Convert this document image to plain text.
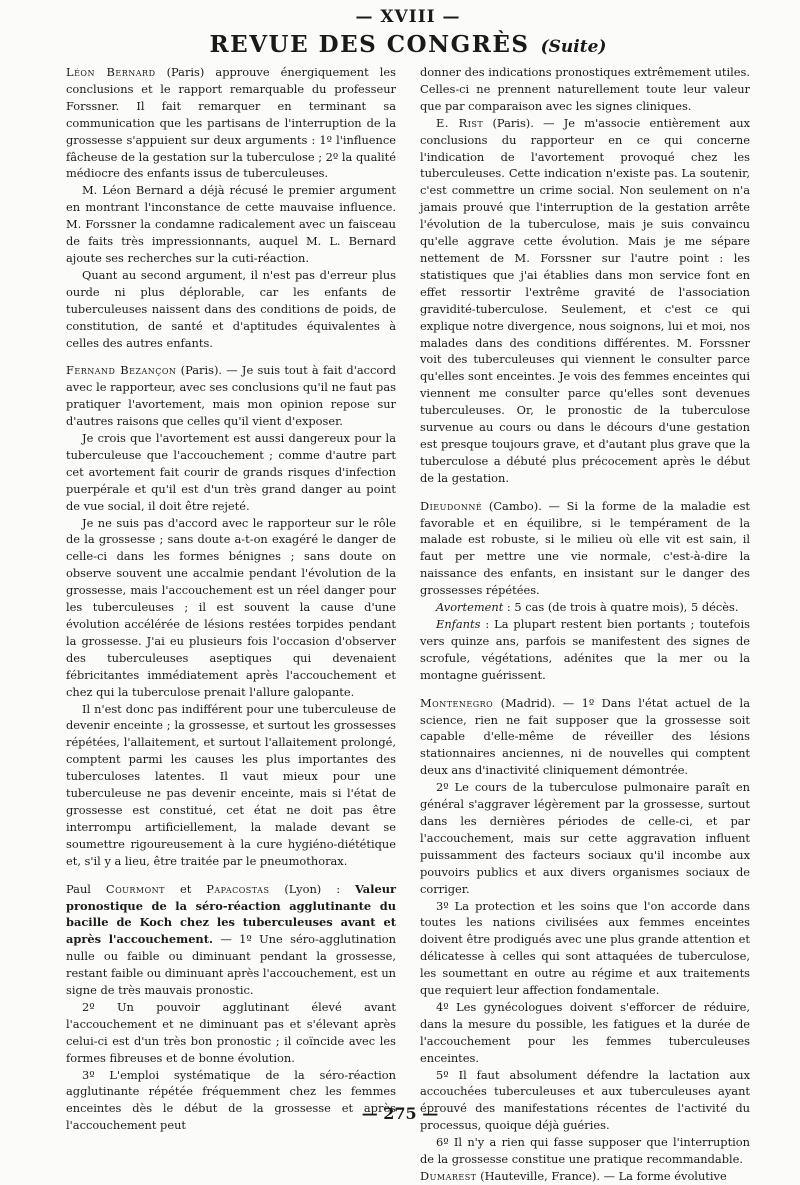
— XVIII —
REVUE DES CONGRÈS (Suite)

Léon Bernard (Paris) approuve énergiquement les conclusions et le rapport remarquable du professeur Forssner. Il fait remarquer en terminant sa communication que les partisans de l'interruption de la grossesse s'appuient sur deux arguments : 1º l'influence fâcheuse de la gestation sur la tuberculose ; 2º la qualité médiocre des enfants issus de tuberculeuses.

M. Léon Bernard a déjà récusé le premier argument en montrant l'inconstance de cette mauvaise influence. M. Forssner la condamne radicalement avec un faisceau de faits très impressionnants, auquel M. L. Bernard ajoute ses recherches sur la cuti-réaction.

Quant au second argument, il n'est pas d'erreur plus ourde ni plus déplorable, car les enfants de tuberculeuses naissent dans des conditions de poids, de constitution, de santé et d'aptitudes équivalentes à celles des autres enfants.

Fernand Bezançon (Paris). — Je suis tout à fait d'accord avec le rapporteur, avec ses conclusions qu'il ne faut pas pratiquer l'avortement, mais mon opinion repose sur d'autres raisons que celles qu'il vient d'exposer.

Je crois que l'avortement est aussi dangereux pour la tuberculeuse que l'accouchement ; comme d'autre part cet avortement fait courir de grands risques d'infection puerpérale et qu'il est d'un très grand danger au point de vue social, il doit être rejeté.

Je ne suis pas d'accord avec le rapporteur sur le rôle de la grossesse ; sans doute a-t-on exagéré le danger de celle-ci dans les formes bénignes ; sans doute on observe souvent une accalmie pendant l'évolution de la grossesse, mais l'accouchement est un réel danger pour les tuberculeuses ; il est souvent la cause d'une évolution accélérée de lésions restées torpides pendant la grossesse. J'ai eu plusieurs fois l'occasion d'observer des tuberculeuses aseptiques qui devenaient fébricitantes immédiatement après l'accouchement et chez qui la tuberculose prenait l'allure galopante.

Il n'est donc pas indifférent pour une tuberculeuse de devenir enceinte ; la grossesse, et surtout les grossesses répétées, l'allaitement, et surtout l'allaitement prolongé, comptent parmi les causes les plus importantes des tuberculoses latentes. Il vaut mieux pour une tuberculeuse ne pas devenir enceinte, mais si l'état de grossesse est constitué, cet état ne doit pas être interrompu artificiellement, la malade devant se soumettre rigoureusement à la cure hygiéno-diététique et, s'il y a lieu, être traitée par le pneumothorax.

Paul Courmont et Papacostas (Lyon) : Valeur pronostique de la séro-réaction agglutinante du bacille de Koch chez les tuberculeuses avant et après l'accouchement. — 1º Une séro-agglutination nulle ou faible ou diminuant pendant la grossesse, restant faible ou diminuant après l'accouchement, est un signe de très mauvais pronostic.

2º Un pouvoir agglutinant élevé avant l'accouchement et ne diminuant pas et s'élevant après celui-ci est d'un très bon pronostic ; il coïncide avec les formes fibreuses et de bonne évolution.

3º L'emploi systématique de la séro-réaction agglutinante répétée fréquemment chez les femmes enceintes dès le début de la grossesse et après l'accouchement peut

donner des indications pronostiques extrêmement utiles. Celles-ci ne prennent naturellement toute leur valeur que par comparaison avec les signes cliniques.

E. Rist (Paris). — Je m'associe entièrement aux conclusions du rapporteur en ce qui concerne l'indication de l'avortement provoqué chez les tuberculeuses. Cette indication n'existe pas. La soutenir, c'est commettre un crime social. Non seulement on n'a jamais prouvé que l'interruption de la gestation arrête l'évolution de la tuberculose, mais je suis convaincu qu'elle aggrave cette évolution. Mais je me sépare nettement de M. Forssner sur l'autre point : les statistiques que j'ai établies dans mon service font en effet ressortir l'extrême gravité de l'association gravidité-tuberculose. Seulement, et c'est ce qui explique notre divergence, nous soignons, lui et moi, nos malades dans des conditions différentes. M. Forssner voit des tuberculeuses qui viennent le consulter parce qu'elles sont enceintes. Je vois des femmes enceintes qui viennent me consulter parce qu'elles sont devenues tuberculeuses. Or, le pronostic de la tuberculose survenue au cours ou dans le décours d'une gestation est presque toujours grave, et d'autant plus grave que la tuberculose a débuté plus précocement après le début de la gestation.

Dieudonné (Cambo). — Si la forme de la maladie est favorable et en équilibre, si le tempérament de la malade est robuste, si le milieu où elle vit est sain, il faut per mettre une vie normale, c'est-à-dire la naissance des enfants, en insistant sur le danger des grossesses répétées.

Avortement : 5 cas (de trois à quatre mois), 5 décès.

Enfants : La plupart restent bien portants ; toutefois vers quinze ans, parfois se manifestent des signes de scrofule, végétations, adénites que la mer ou la montagne guérissent.

Montenegro (Madrid). — 1º Dans l'état actuel de la science, rien ne fait supposer que la grossesse soit capable d'elle-même de réveiller des lésions stationnaires anciennes, ni de nouvelles qui comptent deux ans d'inactivité cliniquement démontrée.

2º Le cours de la tuberculose pulmonaire paraît en général s'aggraver légèrement par la grossesse, surtout dans les dernières périodes de celle-ci, et par l'accouchement, mais sur cette aggravation influent puissamment des facteurs sociaux qu'il incombe aux pouvoirs publics et aux divers organismes sociaux de corriger.

3º La protection et les soins que l'on accorde dans toutes les nations civilisées aux femmes enceintes doivent être prodigués avec une plus grande attention et délicatesse à celles qui sont attaquées de tuberculose, les soumettant en outre au régime et aux traitements que requiert leur affection fondamentale.

4º Les gynécologues doivent s'efforcer de réduire, dans la mesure du possible, les fatigues et la durée de l'accouchement pour les femmes tuberculeuses enceintes.

5º Il faut absolument défendre la lactation aux accouchées tuberculeuses et aux tuberculeuses ayant éprouvé des manifestations récentes de l'activité du processus, quoique déjà guéries.

6º Il n'y a rien qui fasse supposer que l'interruption de la grossesse constitue une pratique recommandable.

Dumarest (Hauteville, France). — La forme évolutive

— 275 —
